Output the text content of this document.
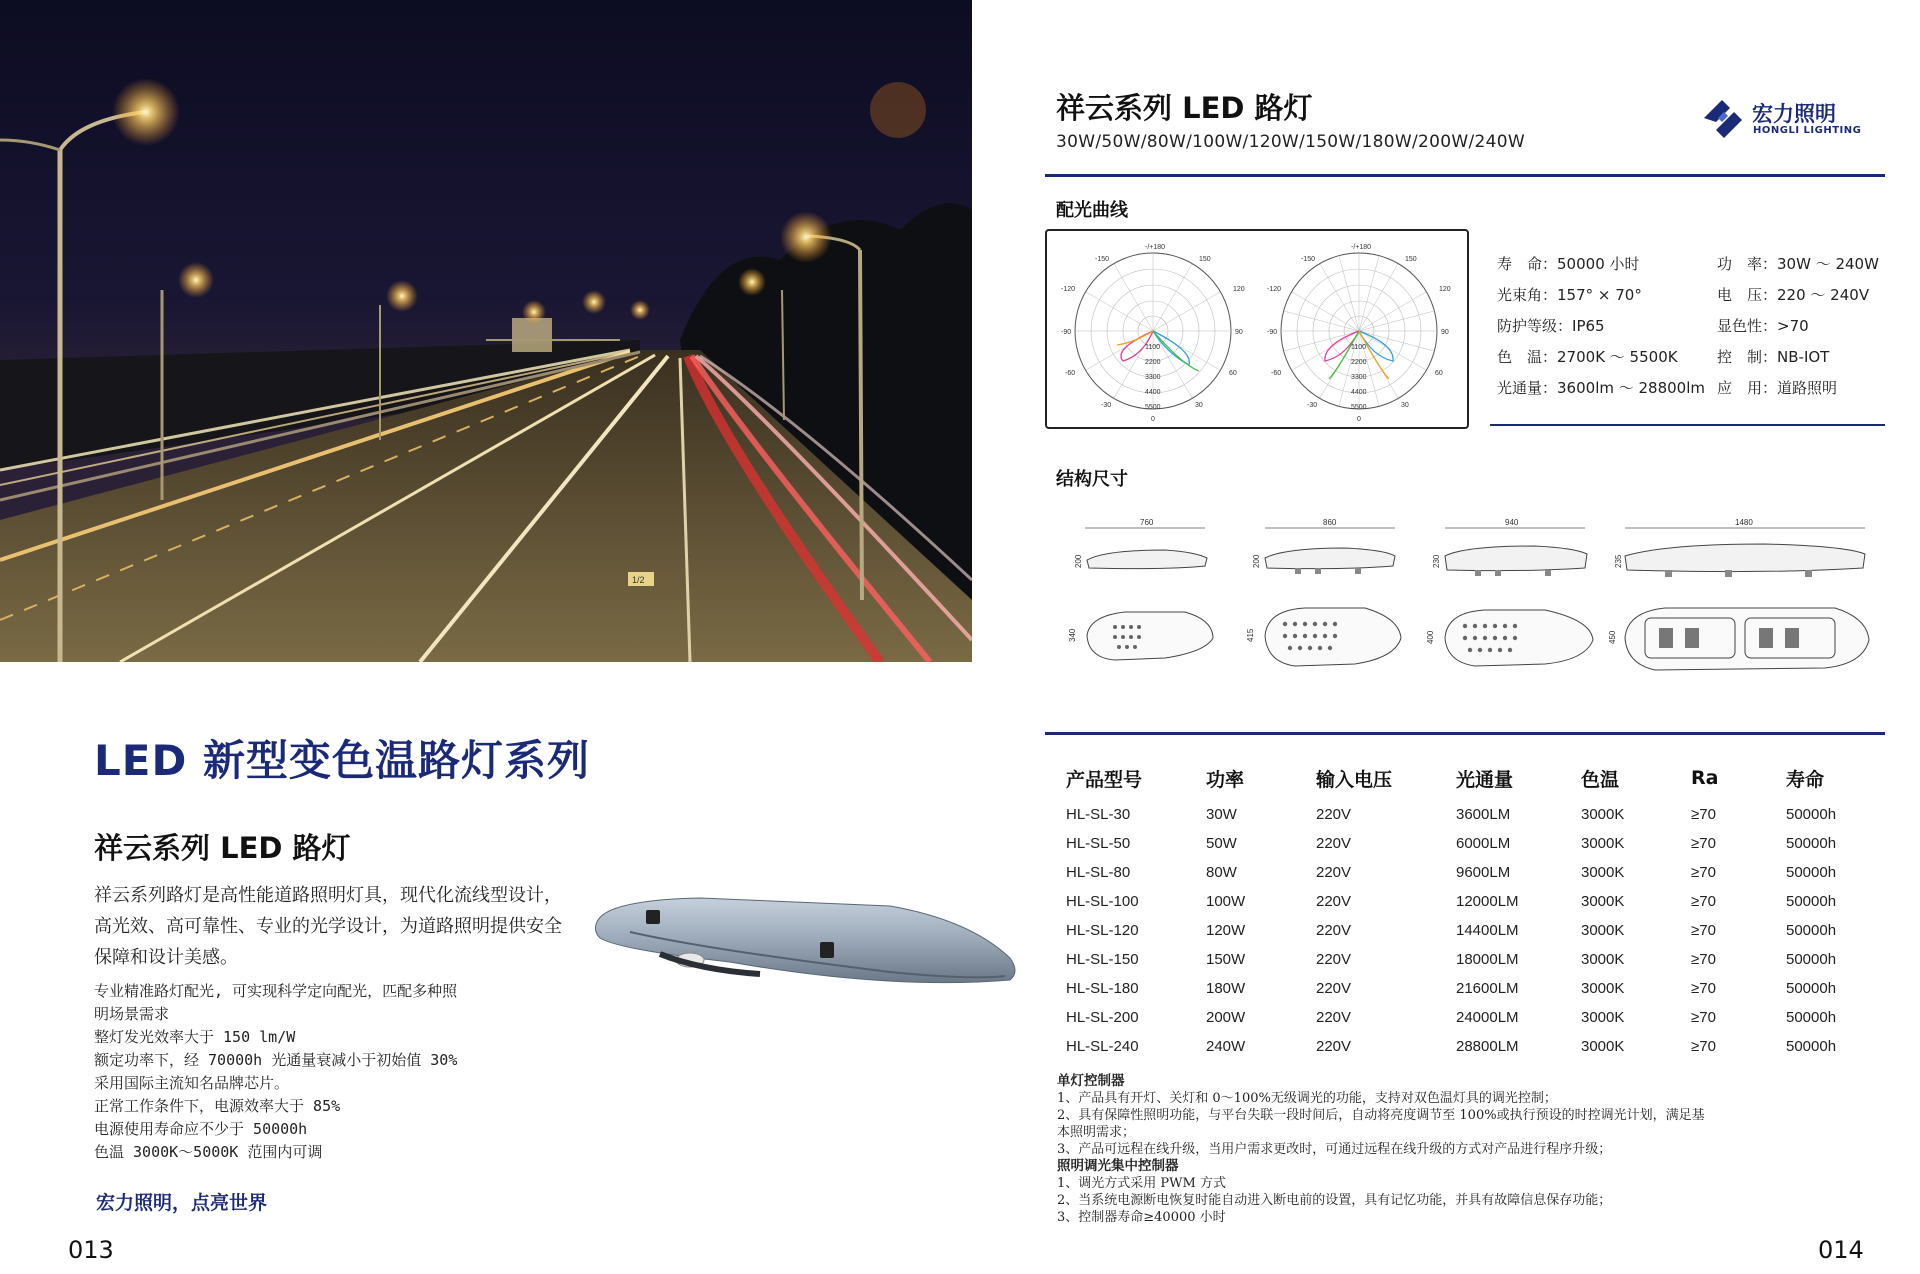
1/2
LED 新型变色温路灯系列
祥云系列 LED 路灯
祥云系列路灯是高性能道路照明灯具，现代化流线型设计，
高光效、高可靠性、专业的光学设计，为道路照明提供安全
保障和设计美感。
专业精准路灯配光, 可实现科学定向配光，匹配多种照
明场景需求
整灯发光效率大于 150 lm/W
额定功率下，经 70000h 光通量衰减小于初始值 30%
采用国际主流知名品牌芯片。
正常工作条件下，电源效率大于 85%
电源使用寿命应不少于 50000h
色温 3000K～5000K 范围内可调
宏力照明，点亮世界
013
祥云系列 LED 路灯
30W/50W/80W/100W/120W/150W/180W/200W/240W
宏力照明
HONGLI LIGHTING
配光曲线
-/+180
-150	150
-120	120
-90	90
-60	60
-30	30
0
1100
2200
3300
4400
5500
-/+180
-150	150
-120	120
-90	90
-60	60
-30	30
0
1100
2200
3300
4400
5500
寿　命：50000 小时	功　率：30W ～ 240W
光束角：157° × 70°	电　压：220 ～ 240V
防护等级：IP65	显色性：>70
色　温：2700K ～ 5500K	控　制：NB-IOT
光通量：3600lm ～ 28800lm 应　用：道路照明
结构尺寸
760
200
340
860
200
415
940
230
400
1480
235
450
产品型号	功率	输入电压	光通量	色温	Ra	寿命
HL-SL-30	30W	220V	3600LM	3000K	≥70	50000h
HL-SL-50	50W	220V	6000LM	3000K	≥70	50000h
HL-SL-80	80W	220V	9600LM	3000K	≥70	50000h
HL-SL-100	100W	220V	12000LM	3000K	≥70	50000h
HL-SL-120	120W	220V	14400LM	3000K	≥70	50000h
HL-SL-150	150W	220V	18000LM	3000K	≥70	50000h
HL-SL-180	180W	220V	21600LM	3000K	≥70	50000h
HL-SL-200	200W	220V	24000LM	3000K	≥70	50000h
HL-SL-240	240W	220V	28800LM	3000K	≥70	50000h
单灯控制器
1、产品具有开灯、关灯和 0～100%无级调光的功能，支持对双色温灯具的调光控制；
2、具有保障性照明功能，与平台失联一段时间后，自动将亮度调节至 100%或执行预设的时控调光计划，满足基
本照明需求；
3、产品可远程在线升级，当用户需求更改时，可通过远程在线升级的方式对产品进行程序升级；
照明调光集中控制器
1、调光方式采用 PWM 方式
2、当系统电源断电恢复时能自动进入断电前的设置，具有记忆功能，并具有故障信息保存功能；
3、控制器寿命≥40000 小时
014
